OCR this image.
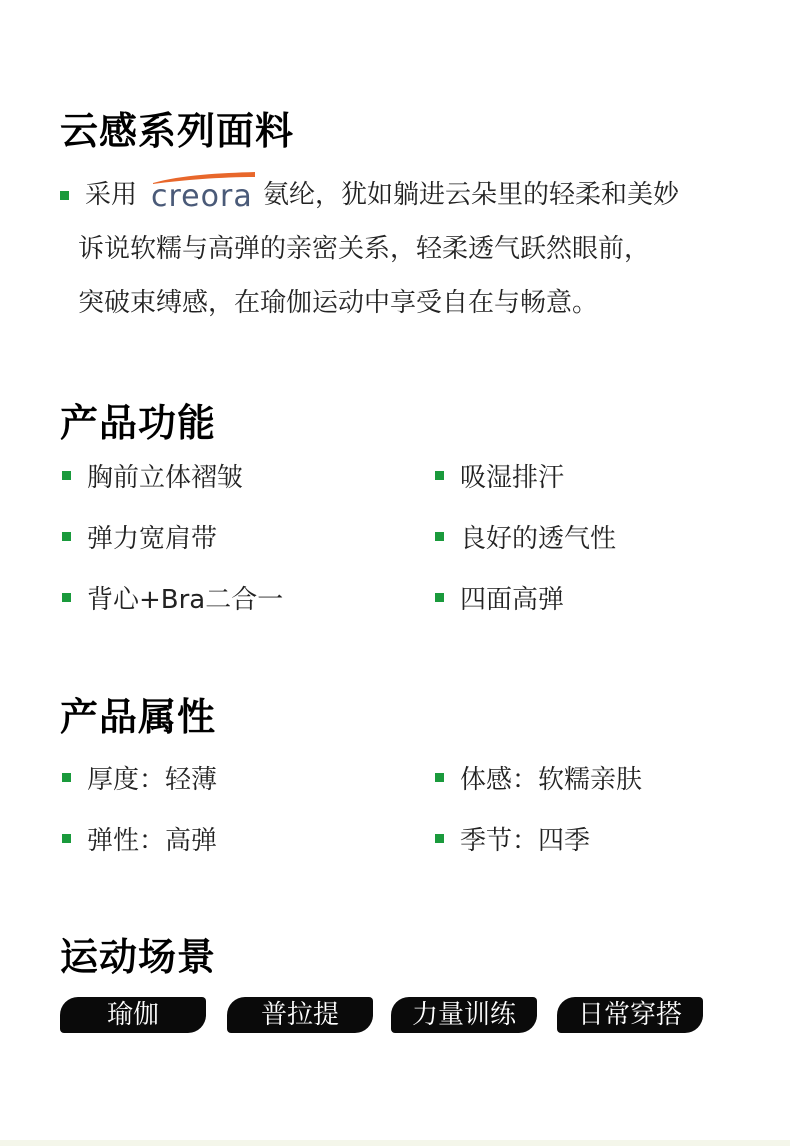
云感系列面料
采用 creora 氨纶，犹如躺进云朵里的轻柔和美妙
诉说软糯与高弹的亲密关系，轻柔透气跃然眼前，
突破束缚感，在瑜伽运动中享受自在与畅意。
产品功能
胸前立体褶皱	吸湿排汗
弹力宽肩带	良好的透气性
背心+Bra二合一	四面高弹
产品属性
厚度：轻薄	体感：软糯亲肤
弹性：高弹	季节：四季
运动场景
瑜伽	普拉提	力量训练	日常穿搭
